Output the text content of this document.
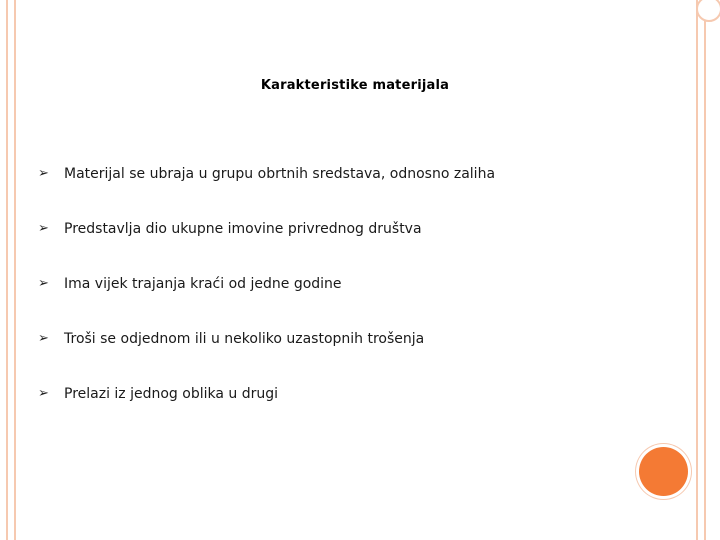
Karakteristike materijala
➢ Materijal se ubraja u grupu obrtnih sredstava, odnosno zaliha
➢ Predstavlja dio ukupne imovine privrednog društva
➢ Ima vijek trajanja kraći od jedne godine
➢ Troši se odjednom ili u nekoliko uzastopnih trošenja
➢ Prelazi iz jednog oblika u drugi
